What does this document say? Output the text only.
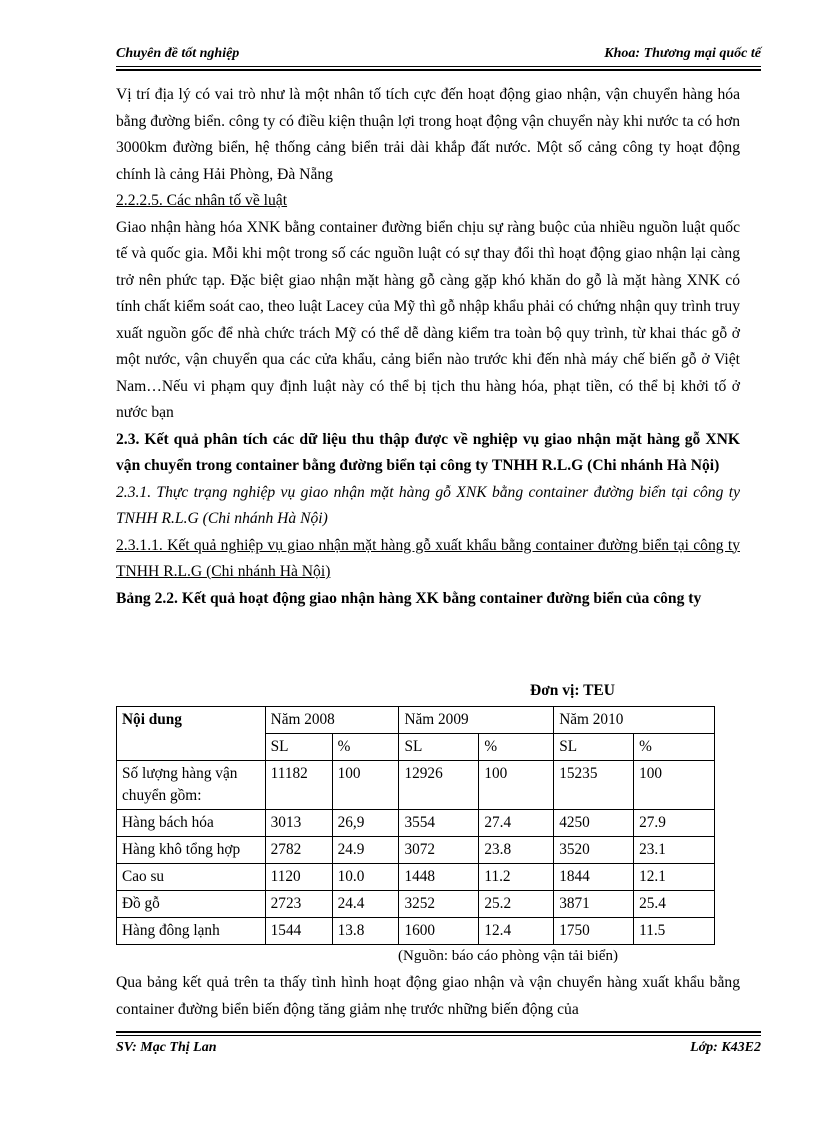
Chuyên đề tốt nghiệp	Khoa: Thương mại quốc tế

Vị trí địa lý có vai trò như là một nhân tố tích cực đến hoạt động giao nhận, vận chuyển hàng hóa bằng đường biển. công ty có điều kiện thuận lợi trong hoạt động vận chuyển này khi nước ta có hơn 3000km đường biển, hệ thống cảng biển trải dài khắp đất nước. Một số cảng công ty hoạt động chính là cảng Hải Phòng, Đà Nẵng

2.2.2.5. Các nhân tố về luật

Giao nhận hàng hóa XNK bằng container đường biển chịu sự ràng buộc của nhiều nguồn luật quốc tế và quốc gia. Mỗi khi một trong số các nguồn luật có sự thay đổi thì hoạt động giao nhận lại càng trở nên phức tạp. Đặc biệt giao nhận mặt hàng gỗ càng gặp khó khăn do gỗ là mặt hàng XNK có tính chất kiểm soát cao, theo luật Lacey của Mỹ thì gỗ nhập khẩu phải có chứng nhận quy trình truy xuất nguồn gốc để nhà chức trách Mỹ có thể dễ dàng kiểm tra toàn bộ quy trình, từ khai thác gỗ ở một nước, vận chuyển qua các cửa khẩu, cảng biển nào trước khi đến nhà máy chế biến gỗ ở Việt Nam…Nếu vi phạm quy định luật này có thể bị tịch thu hàng hóa, phạt tiền, có thể bị khởi tố ở nước bạn

2.3. Kết quả phân tích các dữ liệu thu thập được về nghiệp vụ giao nhận mặt hàng gỗ XNK vận chuyển trong container bằng đường biển tại công ty TNHH R.L.G (Chi nhánh Hà Nội)

2.3.1. Thực trạng nghiệp vụ giao nhận mặt hàng gỗ XNK bằng container đường biển tại công ty TNHH R.L.G (Chi nhánh Hà Nội)

2.3.1.1. Kết quả nghiệp vụ giao nhận mặt hàng gỗ xuất khẩu bằng container đường biển tại công ty TNHH R.L.G (Chi nhánh Hà Nội)

Bảng 2.2. Kết quả hoạt động giao nhận hàng XK bằng container đường biển của công ty

Đơn vị: TEU
Nội dung	Năm 2008		Năm 2009		Năm 2010	
	SL	%	SL	%	SL	%
Số lượng hàng vận chuyển gồm:	11182	100	12926	100	15235	100
Hàng bách hóa	3013	26,9	3554	27.4	4250	27.9
Hàng khô tổng hợp	2782	24.9	3072	23.8	3520	23.1
Cao su	1120	10.0	1448	11.2	1844	12.1
Đồ gỗ	2723	24.4	3252	25.2	3871	25.4
Hàng đông lạnh	1544	13.8	1600	12.4	1750	11.5
(Nguồn: báo cáo phòng vận tải biển)

Qua bảng kết quả trên ta thấy tình hình hoạt động giao nhận và vận chuyển hàng xuất khẩu bằng container đường biển biến động tăng giảm nhẹ trước những biến động của

SV: Mạc Thị Lan	Lớp: K43E2
